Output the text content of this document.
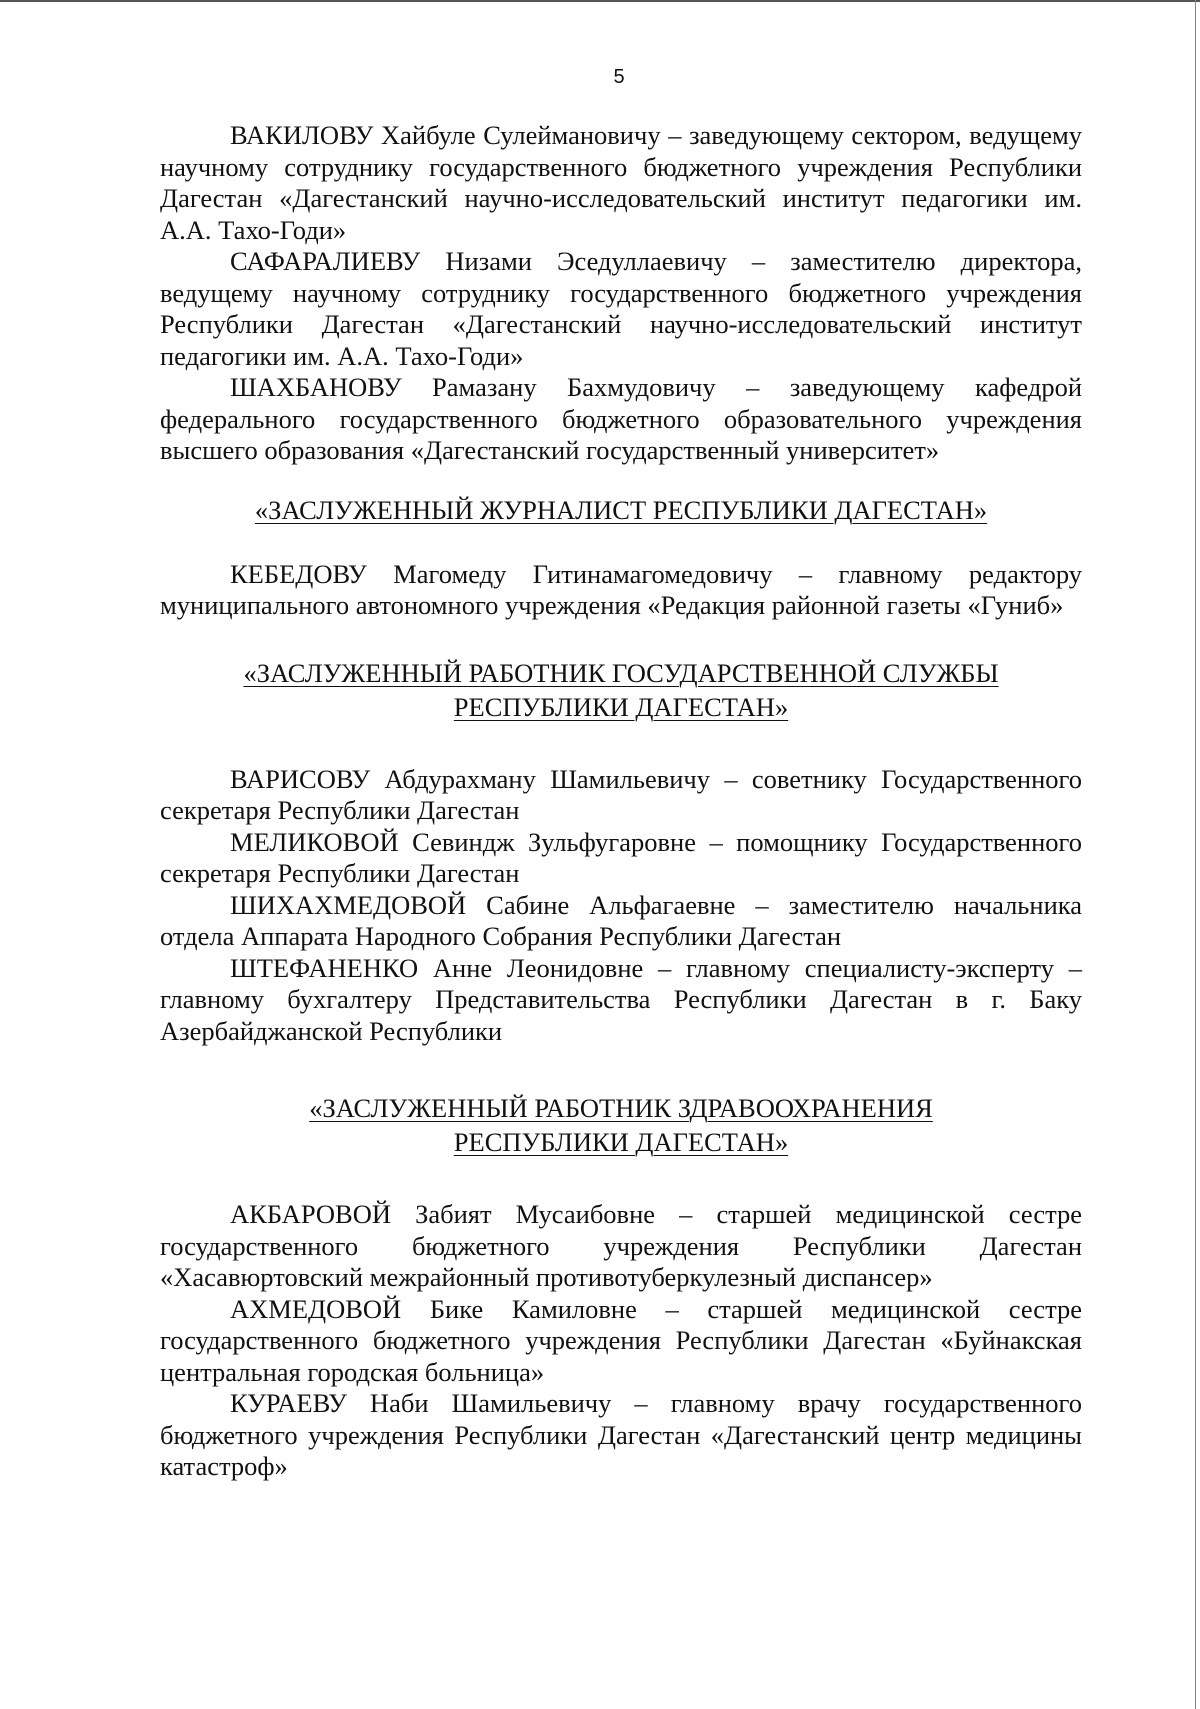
5

ВАКИЛОВУ Хайбуле Сулеймановичу – заведующему сектором, ведущему научному сотруднику государственного бюджетного учреждения Республики Дагестан «Дагестанский научно-исследовательский институт педагогики им. А.А. Тахо-Годи»

САФАРАЛИЕВУ Низами Эседуллаевичу – заместителю директора, ведущему научному сотруднику государственного бюджетного учреждения Республики Дагестан «Дагестанский научно-исследовательский институт педагогики им. А.А. Тахо-Годи»

ШАХБАНОВУ Рамазану Бахмудовичу – заведующему кафедрой федерального государственного бюджетного образовательного учреждения высшего образования «Дагестанский государственный университет»

«ЗАСЛУЖЕННЫЙ ЖУРНАЛИСТ РЕСПУБЛИКИ ДАГЕСТАН»

КЕБЕДОВУ Магомеду Гитинамагомедовичу – главному редактору муниципального автономного учреждения «Редакция районной газеты «Гуниб»

«ЗАСЛУЖЕННЫЙ РАБОТНИК ГОСУДАРСТВЕННОЙ СЛУЖБЫ
РЕСПУБЛИКИ ДАГЕСТАН»

ВАРИСОВУ Абдурахману Шамильевичу – советнику Государственного секретаря Республики Дагестан

МЕЛИКОВОЙ Севиндж Зульфугаровне – помощнику Государственного секретаря Республики Дагестан

ШИХАХМЕДОВОЙ Сабине Альфагаевне – заместителю начальника отдела Аппарата Народного Собрания Республики Дагестан

ШТЕФАНЕНКО Анне Леонидовне – главному специалисту-эксперту – главному бухгалтеру Представительства Республики Дагестан в г. Баку Азербайджанской Республики

«ЗАСЛУЖЕННЫЙ РАБОТНИК ЗДРАВООХРАНЕНИЯ
РЕСПУБЛИКИ ДАГЕСТАН»

АКБАРОВОЙ Забият Мусаибовне – старшей медицинской сестре государственного бюджетного учреждения Республики Дагестан «Хасавюртовский межрайонный противотуберкулезный диспансер»

АХМЕДОВОЙ Бике Камиловне – старшей медицинской сестре государственного бюджетного учреждения Республики Дагестан «Буйнакская центральная городская больница»

КУРАЕВУ Наби Шамильевичу – главному врачу государственного бюджетного учреждения Республики Дагестан «Дагестанский центр медицины катастроф»
